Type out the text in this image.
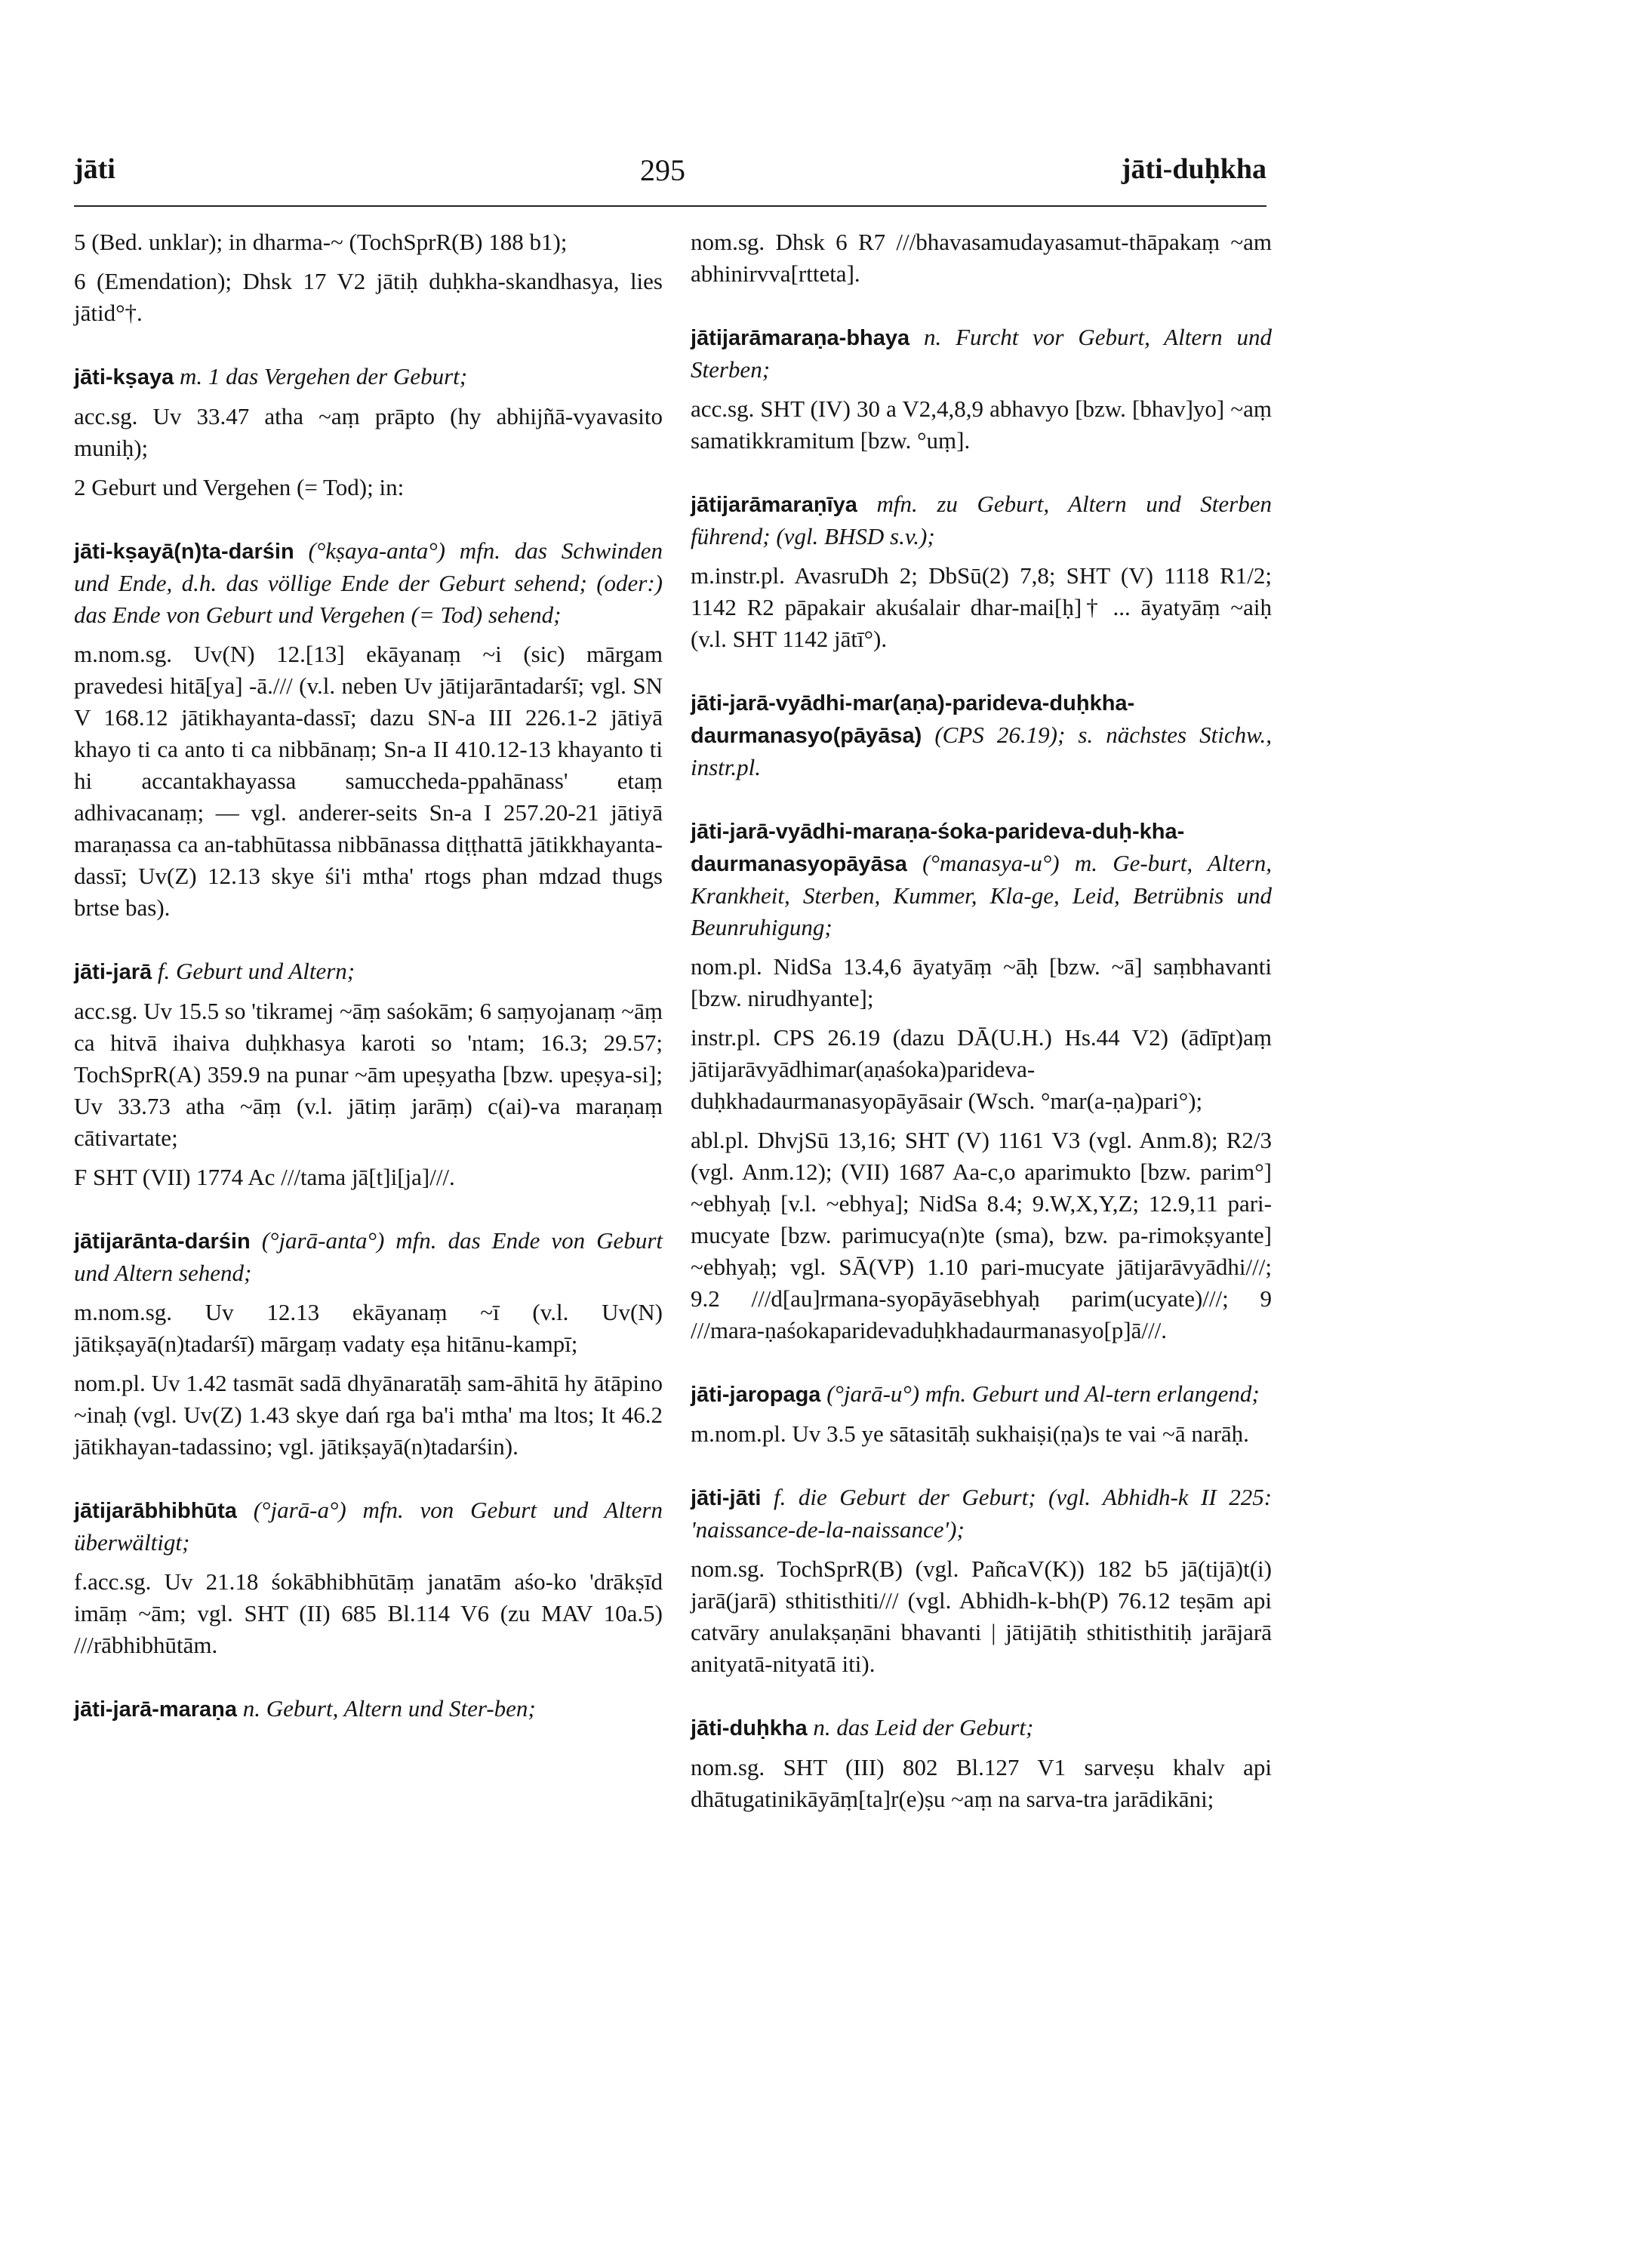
jāti	295	jāti-duḥkha
5 (Bed. unklar); in dharma-~ (TochSprR(B) 188 b1);
6 (Emendation); Dhsk 17 V2 jātiḥ duḥkha-skandhasya, lies jātid°†.
jāti-kṣaya m. 1 das Vergehen der Geburt;
acc.sg. Uv 33.47 atha ~aṃ prāpto (hy abhijñā-vyavasito muniḥ);
2 Geburt und Vergehen (= Tod); in:
jāti-kṣayā(n)ta-darśin (°kṣaya-anta°) mfn. das Schwinden und Ende, d.h. das völlige Ende der Geburt sehend; (oder:) das Ende von Geburt und Vergehen (= Tod) sehend;
m.nom.sg. Uv(N) 12.[13] ekāyanaṃ ~i (sic) mārgam pravedesi hitā[ya] -ā./// (v.l. neben Uv jātijarāntadarśī; vgl. SN V 168.12 jātikhayanta-dassī; dazu SN-a III 226.1-2 jātiyā khayo ti ca anto ti ca nibbānaṃ; Sn-a II 410.12-13 khayanto ti hi accantakhayassa samuccheda-ppahānass' etaṃ adhivacanaṃ; — vgl. anderer-seits Sn-a I 257.20-21 jātiyā maraṇassa ca an-tabhūtassa nibbānassa diṭṭhattā jātikkhayanta-dassī; Uv(Z) 12.13 skye śi'i mtha' rtogs phan mdzad thugs brtse bas).
jāti-jarā f. Geburt und Altern;
acc.sg. Uv 15.5 so 'tikramej ~āṃ saśokām; 6 saṃyojanaṃ ~āṃ ca hitvā ihaiva duḥkhasya karoti so 'ntam; 16.3; 29.57; TochSprR(A) 359.9 na punar ~ām upeṣyatha [bzw. upeṣya-si]; Uv 33.73 atha ~āṃ (v.l. jātiṃ jarāṃ) c(ai)-va maraṇaṃ cātivartate;
F SHT (VII) 1774 Ac ///tama jā[t]i[ja]///.
jātijarānta-darśin (°jarā-anta°) mfn. das Ende von Geburt und Altern sehend;
m.nom.sg. Uv 12.13 ekāyanaṃ ~ī (v.l. Uv(N) jātikṣayā(n)tadarśī) mārgaṃ vadaty eṣa hitānu-kampī;
nom.pl. Uv 1.42 tasmāt sadā dhyānaratāḥ sam-āhitā hy ātāpino ~inaḥ (vgl. Uv(Z) 1.43 skye dań rga ba'i mtha' ma ltos; It 46.2 jātikhayan-tadassino; vgl. jātikṣayā(n)tadarśin).
jātijarābhibhūta (°jarā-a°) mfn. von Geburt und Altern überwältigt;
f.acc.sg. Uv 21.18 śokābhibhūtāṃ janatām aśo-ko 'drākṣīd imāṃ ~ām; vgl. SHT (II) 685 Bl.114 V6 (zu MAV 10a.5) ///rābhibhūtām.
jāti-jarā-maraṇa n. Geburt, Altern und Ster-ben;
nom.sg. Dhsk 6 R7 ///bhavasamudayasamut-thāpakaṃ ~am abhinirvva[rtteta].
jātijarāmaraṇa-bhaya n. Furcht vor Geburt, Altern und Sterben;
acc.sg. SHT (IV) 30 a V2,4,8,9 abhavyo [bzw. [bhav]yo] ~aṃ samatikkramitum [bzw. °uṃ].
jātijarāmaraṇīya mfn. zu Geburt, Altern und Sterben führend; (vgl. BHSD s.v.);
m.instr.pl. AvasruDh 2; DbSū(2) 7,8; SHT (V) 1118 R1/2; 1142 R2 pāpakair akuśalair dhar-mai[ḥ]† ... āyatyāṃ ~aiḥ (v.l. SHT 1142 jātī°).
jāti-jarā-vyādhi-mar(aṇa)-parideva-duḥkha-daurmanasyo(pāyāsa) (CPS 26.19); s. nächstes Stichw., instr.pl.
jāti-jarā-vyādhi-maraṇa-śoka-parideva-duḥ-kha-daurmanasyopāyāsa (°manasya-u°) m. Ge-burt, Altern, Krankheit, Sterben, Kummer, Kla-ge, Leid, Betrübnis und Beunruhigung;
nom.pl. NidSa 13.4,6 āyatyāṃ ~āḥ [bzw. ~ā] saṃbhavanti [bzw. nirudhyante];
instr.pl. CPS 26.19 (dazu DĀ(U.H.) Hs.44 V2) (ādīpt)aṃ jātijarāvyādhimar(aṇaśoka)parideva-duḥkhadaurmanasyopāyāsair (Wsch. °mar(a-ṇa)pari°);
abl.pl. DhvjSū 13,16; SHT (V) 1161 V3 (vgl. Anm.8); R2/3 (vgl. Anm.12); (VII) 1687 Aa-c,o aparimukto [bzw. parim°] ~ebhyaḥ [v.l. ~ebhya]; NidSa 8.4; 9.W,X,Y,Z; 12.9,11 pari-mucyate [bzw. parimucya(n)te (sma), bzw. pa-rimokṣyante] ~ebhyaḥ; vgl. SĀ(VP) 1.10 pari-mucyate jātijarāvyādhi///; 9.2 ///d[au]rmana-syopāyāsebhyaḥ parim(ucyate)///; 9 ///mara-ṇaśokaparidevaduḥkhadaurmanasyo[p]ā///.
jāti-jaropaga (°jarā-u°) mfn. Geburt und Al-tern erlangend;
m.nom.pl. Uv 3.5 ye sātasitāḥ sukhaiṣi(ṇa)s te vai ~ā narāḥ.
jāti-jāti f. die Geburt der Geburt; (vgl. Abhidh-k II 225: 'naissance-de-la-naissance');
nom.sg. TochSprR(B) (vgl. PañcaV(K)) 182 b5 jā(tijā)t(i) jarā(jarā) sthitisthiti/// (vgl. Abhidh-k-bh(P) 76.12 teṣām api catvāry anulakṣaṇāni bhavanti | jātijātiḥ sthitisthitiḥ jarājarā anityatā-nityatā iti).
jāti-duḥkha n. das Leid der Geburt;
nom.sg. SHT (III) 802 Bl.127 V1 sarveṣu khalv api dhātugatinikāyāṃ[ta]r(e)ṣu ~aṃ na sarva-tra jarādikāni;
